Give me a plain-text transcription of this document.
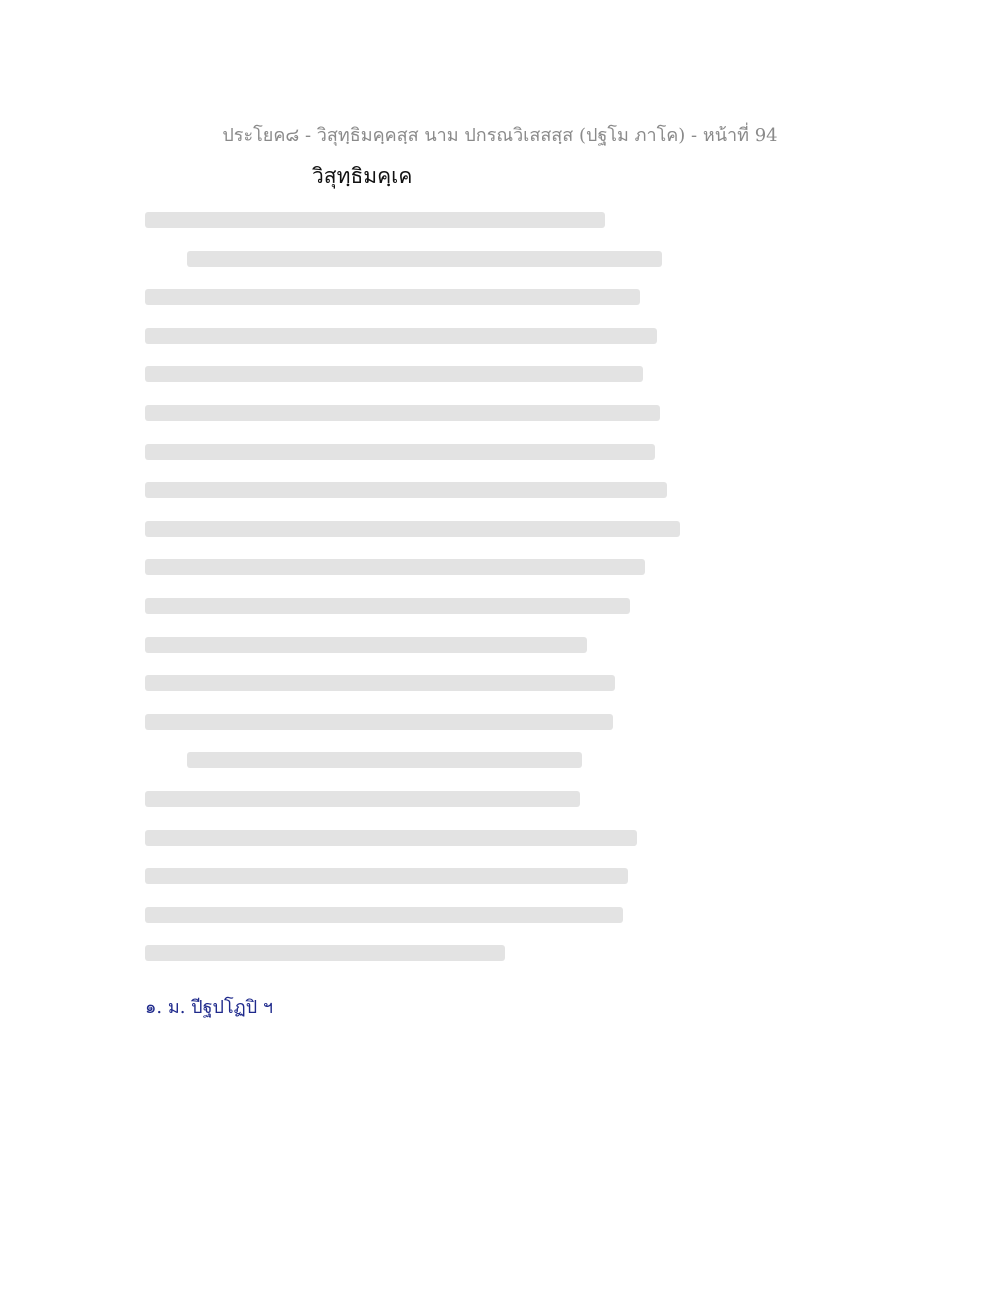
ประโยค๘ - วิสุทฺธิมคฺคสฺส นาม ปกรณวิเสสสฺส (ปฐโม ภาโค) - หน้าที่ 94
วิสุทฺธิมคฺเค
๑. ม. ปีฐปโฏปิ ฯ
